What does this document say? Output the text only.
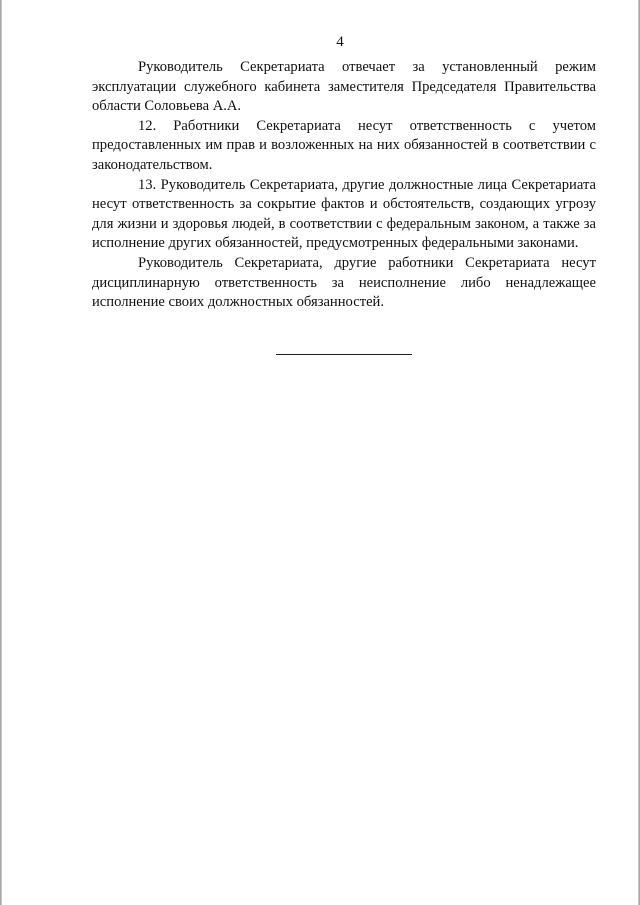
4

Руководитель Секретариата отвечает за установленный режим эксплуатации служебного кабинета заместителя Председателя Правительства области Соловьева А.А.

12. Работники Секретариата несут ответственность с учетом предоставленных им прав и возложенных на них обязанностей в соответствии с законодательством.

13. Руководитель Секретариата, другие должностные лица Секретариата несут ответственность за сокрытие фактов и обстоятельств, создающих угрозу для жизни и здоровья людей, в соответствии с федеральным законом, а также за исполнение других обязанностей, предусмотренных федеральными законами.

Руководитель Секретариата, другие работники Секретариата несут дисциплинарную ответственность за неисполнение либо ненадлежащее исполнение своих должностных обязанностей.
